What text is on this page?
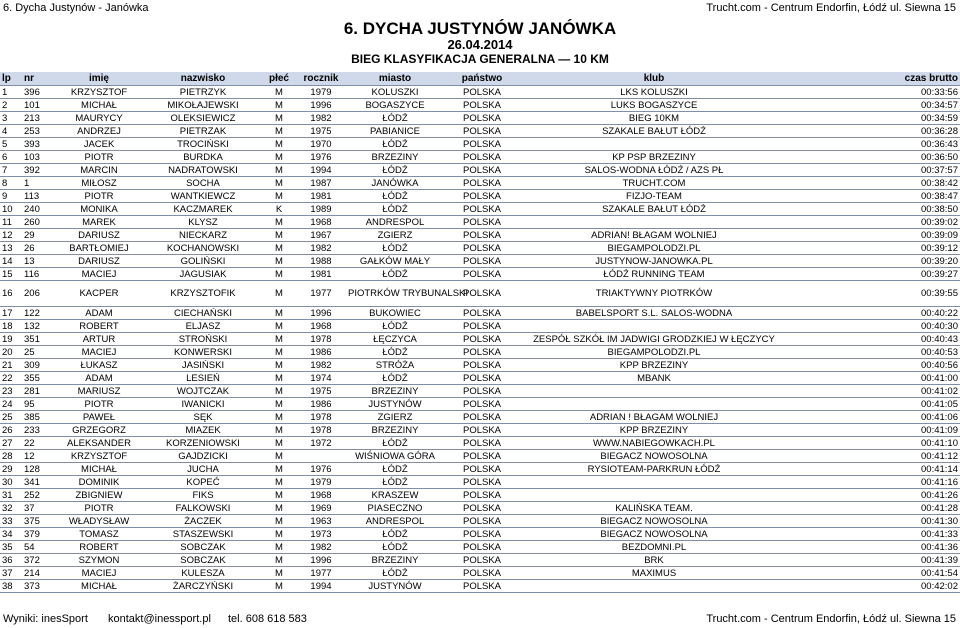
6. Dycha Justynów - Janówka	Trucht.com - Centrum Endorfin, Łódź ul. Siewna 15
6. DYCHA JUSTYNÓW JANÓWKA
26.04.2014
BIEG KLASYFIKACJA GENERALNA — 10 KM
lp	nr	imię	nazwisko	płeć	rocznik	miasto	państwo	klub	czas brutto
1	396	KRZYSZTOF	PIETRZYK	M	1979	KOLUSZKI	POLSKA	LKS KOLUSZKI	00:33:56
2	101	MICHAŁ	MIKOŁAJEWSKI	M	1996	BOGASZYCE	POLSKA	LUKS BOGASZYCE	00:34:57
3	213	MAURYCY	OLEKSIEWICZ	M	1982	ŁÓDŹ	POLSKA	BIEG 10KM	00:34:59
4	253	ANDRZEJ	PIETRZAK	M	1975	PABIANICE	POLSKA	SZAKALE BAŁUT ŁÓDŹ	00:36:28
5	393	JACEK	TROCIŃSKI	M	1970	ŁÓDŹ	POLSKA		00:36:43
6	103	PIOTR	BURDKA	M	1976	BRZEZINY	POLSKA	KP PSP BRZEZINY	00:36:50
7	392	MARCIN	NADRATOWSKI	M	1994	ŁÓDŹ	POLSKA	SALOS-WODNA ŁÓDŹ / AZS PŁ	00:37:57
8	1	MIŁOSZ	SOCHA	M	1987	JANÓWKA	POLSKA	TRUCHT.COM	00:38:42
9	113	PIOTR	WANTKIEWCZ	M	1981	ŁÓDŹ	POLSKA	FIZJO-TEAM	00:38:47
10	240	MONIKA	KACZMAREK	K	1989	ŁÓDŹ	POLSKA	SZAKALE BAŁUT ŁÓDŹ	00:38:50
11	260	MAREK	KLYSZ	M	1968	ANDRESPOL	POLSKA		00:39:02
12	29	DARIUSZ	NIECKARZ	M	1967	ZGIERZ	POLSKA	ADRIAN! BŁAGAM WOLNIEJ	00:39:09
13	26	BARTŁOMIEJ	KOCHANOWSKI	M	1982	ŁÓDŹ	POLSKA	BIEGAMPOLODZI.PL	00:39:12
14	13	DARIUSZ	GOLIŃSKI	M	1988	GAŁKÓW MAŁY	POLSKA	JUSTYNOW-JANOWKA.PL	00:39:20
15	116	MACIEJ	JAGUSIAK	M	1981	ŁÓDŹ	POLSKA	ŁÓDŹ RUNNING TEAM	00:39:27
16	206	KACPER	KRZYSZTOFIK	M	1977	PIOTRKÓW TRYBUNALSKI	POLSKA	TRIAKTYWNY PIOTRKÓW	00:39:55
17	122	ADAM	CIECHAŃSKI	M	1996	BUKOWIEC	POLSKA	BABELSPORT S.L. SALOS-WODNA	00:40:22
18	132	ROBERT	ELJASZ	M	1968	ŁÓDŹ	POLSKA		00:40:30
19	351	ARTUR	STROŃSKI	M	1978	ŁĘCZYCA	POLSKA	ZESPÓŁ SZKÓŁ IM JADWIGI GRODZKIEJ W ŁĘCZYCY	00:40:43
20	25	MACIEJ	KONWERSKI	M	1986	ŁÓDŹ	POLSKA	BIEGAMPOLODZI.PL	00:40:53
21	309	ŁUKASZ	JASIŃSKI	M	1982	STRÓŻA	POLSKA	KPP BRZEZINY	00:40:56
22	355	ADAM	LESIEŃ	M	1974	ŁÓDŹ	POLSKA	MBANK	00:41:00
23	281	MARIUSZ	WOJTCZAK	M	1975	BRZEZINY	POLSKA		00:41:02
24	95	PIOTR	IWANICKI	M	1986	JUSTYNÓW	POLSKA		00:41:05
25	385	PAWEŁ	SĘK	M	1978	ZGIERZ	POLSKA	ADRIAN ! BŁAGAM WOLNIEJ	00:41:06
26	233	GRZEGORZ	MIAZEK	M	1978	BRZEZINY	POLSKA	KPP BRZEZINY	00:41:09
27	22	ALEKSANDER	KORZENIOWSKI	M	1972	ŁÓDŹ	POLSKA	WWW.NABIEGOWKACH.PL	00:41:10
28	12	KRZYSZTOF	GAJDZICKI	M		WIŚNIOWA GÓRA	POLSKA	BIEGACZ NOWOSOLNA	00:41:12
29	128	MICHAŁ	JUCHA	M	1976	ŁÓDŹ	POLSKA	RYSIOTEAM-PARKRUN ŁÓDŹ	00:41:14
30	341	DOMINIK	KOPEĆ	M	1979	ŁÓDŹ	POLSKA		00:41:16
31	252	ZBIGNIEW	FIKS	M	1968	KRASZEW	POLSKA		00:41:26
32	37	PIOTR	FALKOWSKI	M	1969	PIASECZNO	POLSKA	KALIŃSKA TEAM.	00:41:28
33	375	WŁADYSŁAW	ŻACZEK	M	1963	ANDRESPOL	POLSKA	BIEGACZ NOWOSOLNA	00:41:30
34	379	TOMASZ	STASZEWSKI	M	1973	ŁÓDŹ	POLSKA	BIEGACZ NOWOSOLNA	00:41:33
35	54	ROBERT	SOBCZAK	M	1982	ŁÓDŹ	POLSKA	BEZDOMNI.PL	00:41:36
36	372	SZYMON	SOBCZAK	M	1996	BRZEZINY	POLSKA	BRK	00:41:39
37	214	MACIEJ	KULESZA	M	1977	ŁÓDŹ	POLSKA	MAXIMUS	00:41:54
38	373	MICHAŁ	ŻARCZYŃSKI	M	1994	JUSTYNÓW	POLSKA		00:42:02
Wyniki: inesSport kontakt@inessport.pl tel. 608 618 583	Trucht.com - Centrum Endorfin, Łódź ul. Siewna 15
